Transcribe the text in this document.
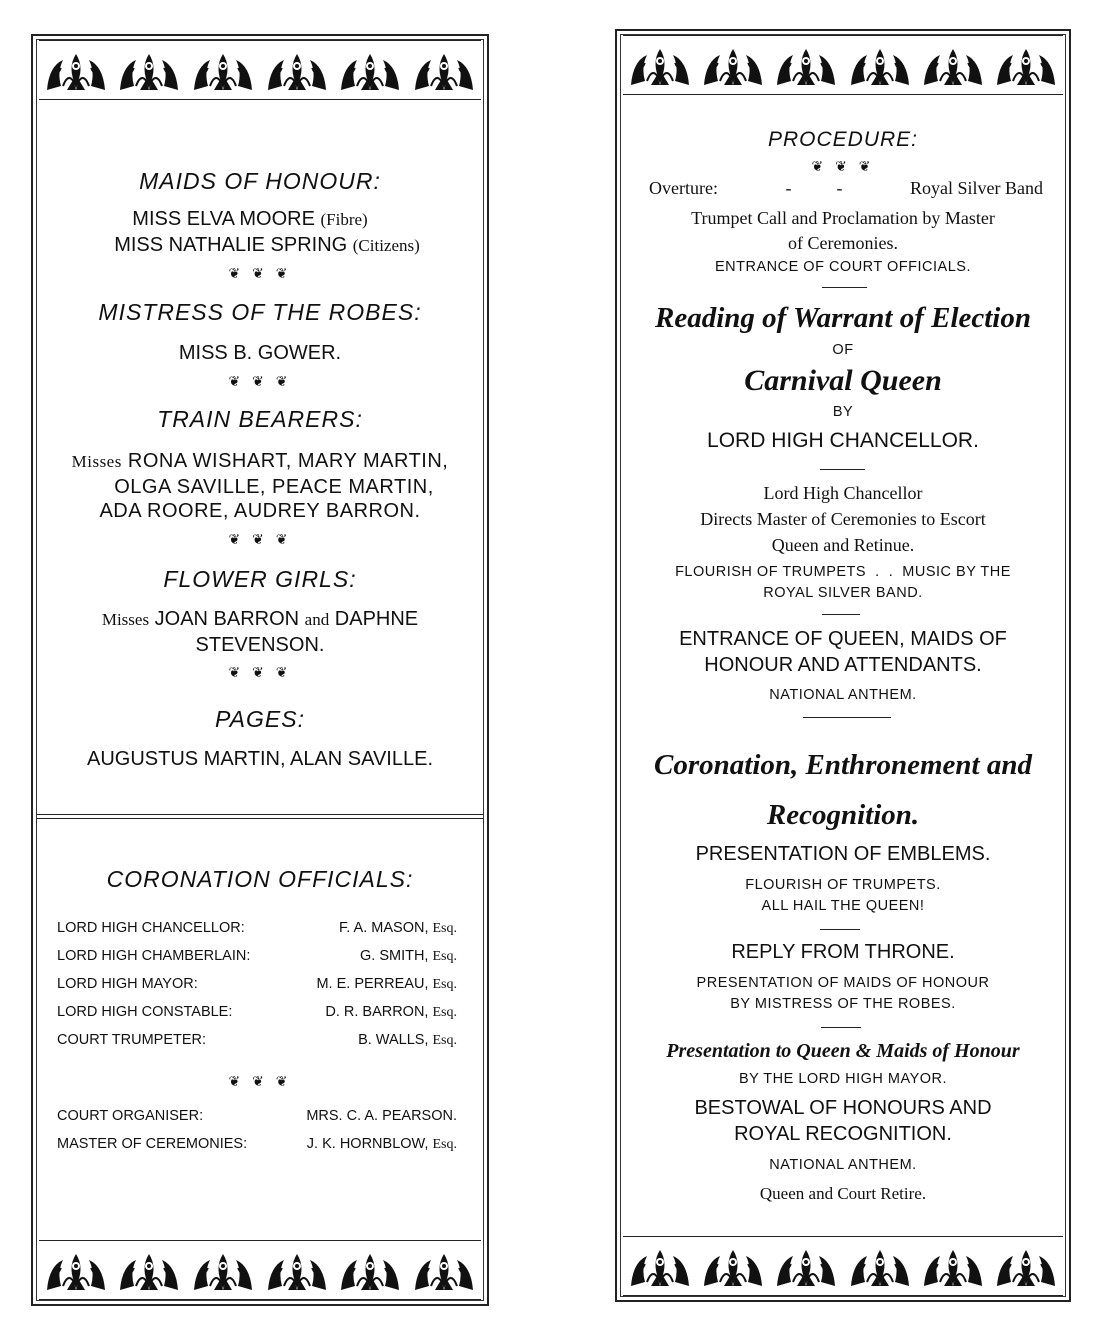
MAIDS OF HONOUR:
MISS ELVA MOORE (Fibre)
MISS NATHALIE SPRING (Citizens)
❦ ❦ ❦
MISTRESS OF THE ROBES:
MISS B. GOWER.
❦ ❦ ❦
TRAIN BEARERS:
Misses RONA WISHART, MARY MARTIN,
OLGA SAVILLE, PEACE MARTIN,
ADA ROORE, AUDREY BARRON.
❦ ❦ ❦
FLOWER GIRLS:
Misses JOAN BARRON and DAPHNE
STEVENSON.
❦ ❦ ❦
PAGES:
AUGUSTUS MARTIN, ALAN SAVILLE.
CORONATION OFFICIALS:
LORD HIGH CHANCELLOR:	F. A. MASON, Esq.
LORD HIGH CHAMBERLAIN:	G. SMITH, Esq.
LORD HIGH MAYOR:	M. E. PERREAU, Esq.
LORD HIGH CONSTABLE:	D. R. BARRON, Esq.
COURT TRUMPETER:	B. WALLS, Esq.
❦ ❦ ❦
COURT ORGANISER:	MRS. C. A. PEARSON.
MASTER OF CEREMONIES:	J. K. HORNBLOW, Esq.
PROCEDURE:
❦ ❦ ❦
Overture:	-          -	Royal Silver Band
Trumpet Call and Proclamation by Master
of Ceremonies.
ENTRANCE OF COURT OFFICIALS.
Reading of Warrant of Election
OF
Carnival Queen
BY
LORD HIGH CHANCELLOR.
Lord High Chancellor
Directs Master of Ceremonies to Escort
Queen and Retinue.
FLOURISH OF TRUMPETS  .  .  MUSIC BY THE
ROYAL SILVER BAND.
ENTRANCE OF QUEEN, MAIDS OF
HONOUR AND ATTENDANTS.
NATIONAL ANTHEM.
Coronation, Enthronement and
Recognition.
PRESENTATION OF EMBLEMS.
FLOURISH OF TRUMPETS.
ALL HAIL THE QUEEN!
REPLY FROM THRONE.
PRESENTATION OF MAIDS OF HONOUR
BY MISTRESS OF THE ROBES.
Presentation to Queen & Maids of Honour
BY THE LORD HIGH MAYOR.
BESTOWAL OF HONOURS AND
ROYAL RECOGNITION.
NATIONAL ANTHEM.
Queen and Court Retire.
